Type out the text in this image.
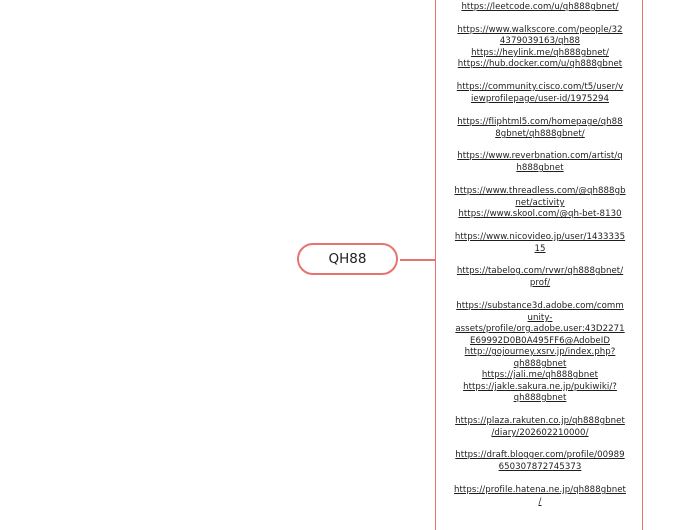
QH88
https://leetcode.com/u/qh888gbnet/
https://www.walkscore.com/people/32
4379039163/qh88
https://heylink.me/qh888gbnet/
https://hub.docker.com/u/qh888gbnet
https://community.cisco.com/t5/user/v
iewprofilepage/user-id/1975294
https://fliphtml5.com/homepage/qh88
8gbnet/qh888gbnet/
https://www.reverbnation.com/artist/q
h888gbnet
https://www.threadless.com/@qh888gb
net/activity
https://www.skool.com/@qh-bet-8130
https://www.nicovideo.jp/user/1433335
15
https://tabelog.com/rvwr/qh888gbnet/
prof/
https://substance3d.adobe.com/comm
unity-
assets/profile/org.adobe.user:43D2271
E69992D0B0A495FF6@AdobeID
http://gojourney.xsrv.jp/index.php?
qh888gbnet
https://jali.me/qh888gbnet
https://jakle.sakura.ne.jp/pukiwiki/?
qh888gbnet
https://plaza.rakuten.co.jp/qh888gbnet
/diary/202602210000/
https://draft.blogger.com/profile/00989
650307872745373
https://profile.hatena.ne.jp/qh888gbnet
/
